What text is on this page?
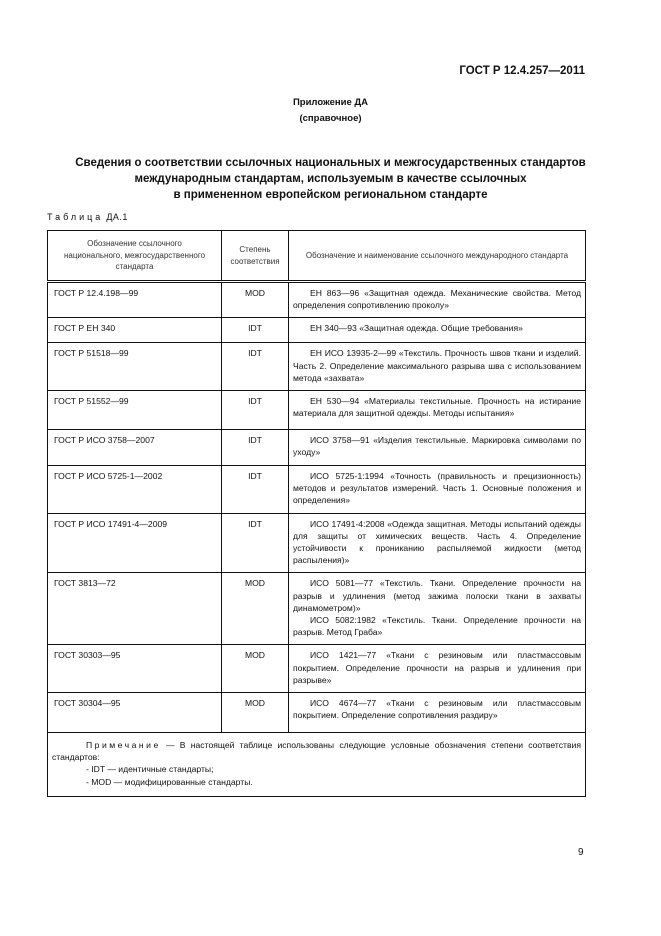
ГОСТ Р 12.4.257—2011
Приложение ДА
(справочное)
Сведения о соответствии ссылочных национальных и межгосударственных стандартов
международным стандартам, используемым в качестве ссылочных
в примененном европейском региональном стандарте
Таблица ДА.1
Обозначение ссылочного национального, межгосударственного стандарта	Степень соответствия	Обозначение и наименование ссылочного международного стандарта
ГОСТ Р 12.4.198—99	MOD	ЕН 863—96 «Защитная одежда. Механические свойства. Метод определения сопротивлению проколу»

ГОСТ Р ЕН 340	IDT	ЕН 340—93 «Защитная одежда. Общие требования»

ГОСТ Р 51518—99	IDT	ЕН ИСО 13935-2—99 «Текстиль. Прочность швов ткани и изделий. Часть 2. Определение максимального разрыва шва с использованием метода «захвата»

ГОСТ Р 51552—99	IDT	ЕН 530—94 «Материалы текстильные. Прочность на истирание материала для защитной одежды. Методы испытания»

ГОСТ Р ИСО 3758—2007	IDT	ИСО 3758—91 «Изделия текстильные. Маркировка символами по уходу»

ГОСТ Р ИСО 5725-1—2002	IDT	ИСО 5725-1:1994 «Точность (правильность и прецизионность) методов и результатов измерений. Часть 1. Основные положения и определения»

ГОСТ Р ИСО 17491-4—2009	IDT	ИСО 17491-4:2008 «Одежда защитная. Методы испытаний одежды для защиты от химических веществ. Часть 4. Определение устойчивости к прониканию распыляемой жидкости (метод распыления)»

ГОСТ 3813—72	MOD	ИСО 5081—77 «Текстиль. Ткани. Определение прочности на разрыв и удлинения (метод зажима полоски ткани в захваты динамометром)»

ИСО 5082:1982 «Текстиль. Ткани. Определение прочности на разрыв. Метод Граба»

ГОСТ 30303—95	MOD	ИСО 1421—77 «Ткани с резиновым или пластмассовым покрытием. Определение прочности на разрыв и удлинения при разрыве»

ГОСТ 30304—95	MOD	ИСО 4674—77 «Ткани с резиновым или пластмассовым покрытием. Определение сопротивления раздиру»

Примечание — В настоящей таблице использованы следующие условные обозначения степени соответствия стандартов:

- IDT — идентичные стандарты;

- MOD — модифицированные стандарты.		

9
